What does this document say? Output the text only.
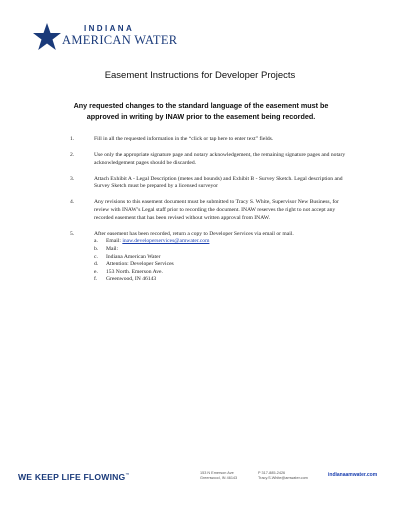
INDIANA
AMERICAN WATER
Easement Instructions for Developer Projects
Any requested changes to the standard language of the easement must be approved in writing by INAW prior to the easement being recorded.
1.	Fill in all the requested information in the “click or tap here to enter text” fields.
2.	Use only the appropriate signature page and notary acknowledgement, the remaining signature pages and notary acknowledgement pages should be discarded.
3.	Attach Exhibit A - Legal Description (metes and bounds) and Exhibit B - Survey Sketch. Legal description and Survey Sketch must be prepared by a licensed surveyor
4.	Any revisions to this easement document must be submitted to Tracy S. White, Supervisor New Business, for review with INAW’s Legal staff prior to recording the document. INAW reserves the right to not accept any recorded easement that has been revised without written approval from INAW.
5.	After easement has been recorded, return a copy to Developer Services via email or mail.
a. Email: inaw.developerservices@amwater.com
b. Mail:
c. Indiana American Water
d. Attention: Developer Services
e. 153 North. Emerson Ave.
f. Greenwood, IN 46143
WE KEEP LIFE FLOWING™	153 N Emerson Ave
Greenwood, IN 46143
P 317-885-2426
Tracy.S.White@amwater.com
indianaamwater.com
